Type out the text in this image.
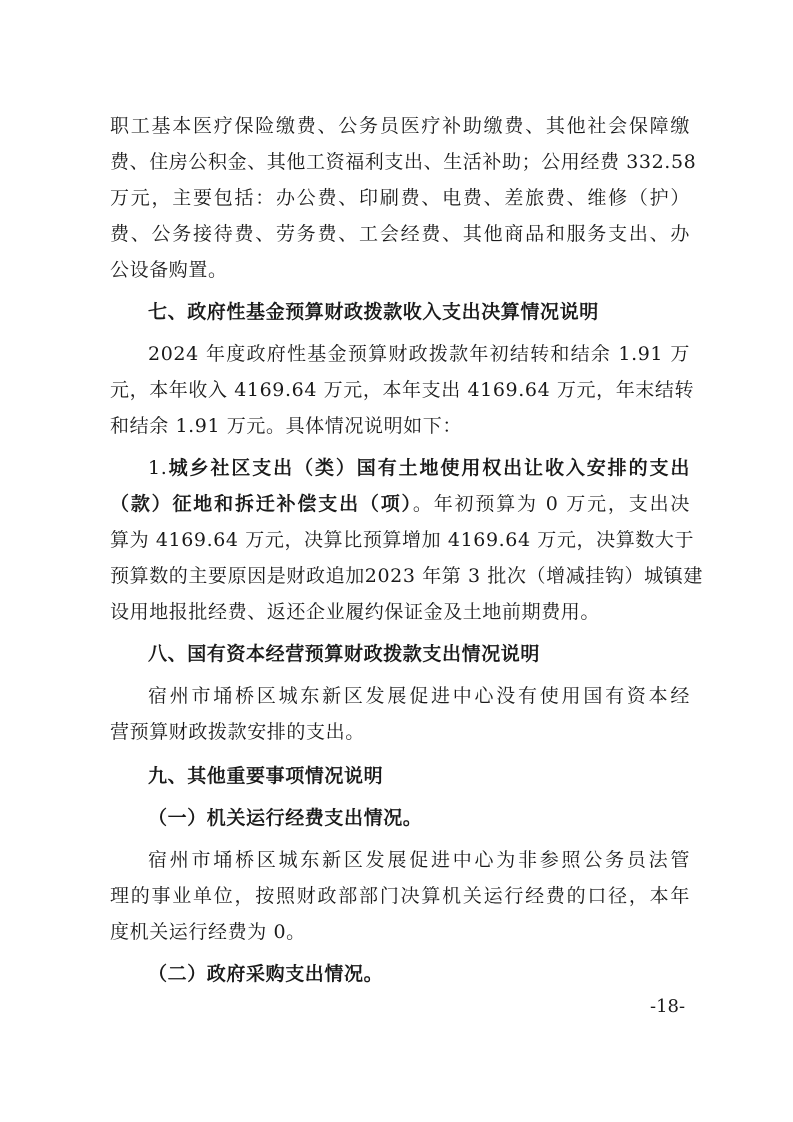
职工基本医疗保险缴费、公务员医疗补助缴费、其他社会保障缴
费、住房公积金、其他工资福利支出、生活补助；公用经费 332.58
万元，主要包括：办公费、印刷费、电费、差旅费、维修（护）
费、公务接待费、劳务费、工会经费、其他商品和服务支出、办
公设备购置。
七、政府性基金预算财政拨款收入支出决算情况说明
2024 年度政府性基金预算财政拨款年初结转和结余 1.91 万
元，本年收入 4169.64 万元，本年支出 4169.64 万元，年末结转
和结余 1.91 万元。具体情况说明如下：
1.城乡社区支出（类）国有土地使用权出让收入安排的支出
（款）征地和拆迁补偿支出（项）。年初预算为 0 万元，支出决
算为 4169.64 万元，决算比预算增加 4169.64 万元，决算数大于
预算数的主要原因是财政追加2023 年第 3 批次（增减挂钩）城镇建
设用地报批经费、返还企业履约保证金及土地前期费用。
八、国有资本经营预算财政拨款支出情况说明
宿州市埇桥区城东新区发展促进中心没有使用国有资本经
营预算财政拨款安排的支出。
九、其他重要事项情况说明
（一）机关运行经费支出情况。
宿州市埇桥区城东新区发展促进中心为非参照公务员法管
理的事业单位，按照财政部部门决算机关运行经费的口径，本年
度机关运行经费为 0。
（二）政府采购支出情况。
-18-
